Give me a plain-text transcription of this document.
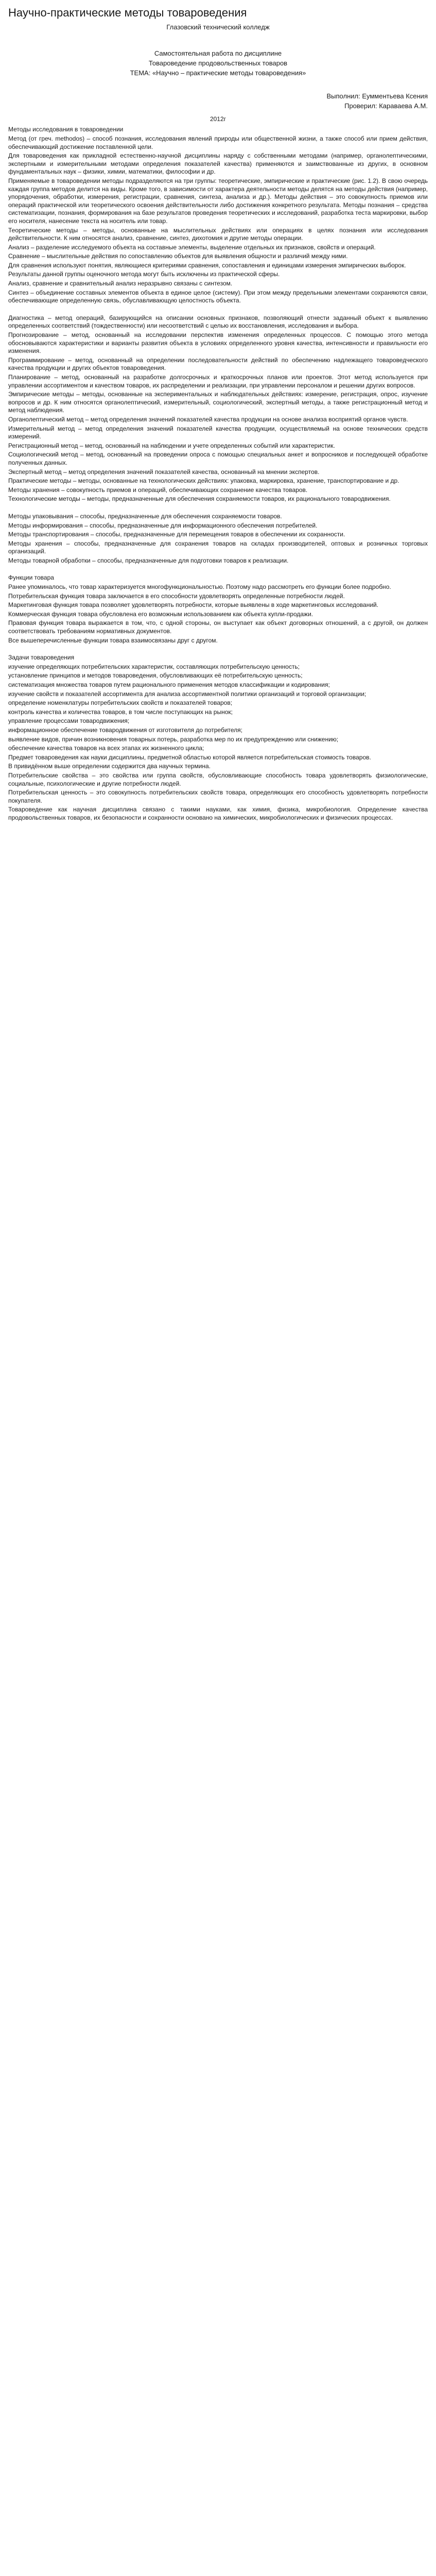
Научно-практические методы товароведения

Глазовский технический колледж

Самостоятельная работа по дисциплине

Товароведение продовольственных товаров

ТЕМА: «Научно – практические методы товароведения»

Выполнил: Еумментьева Ксения

Проверил: Караваева А.М.

2012г

Методы исследования в товароведении

Метод (от греч. methodos) – способ познания, исследования явлений природы или общественной жизни, а также способ или прием действия, обеспечивающий достижение поставленной цели.

Для товароведения как прикладной естественно-научной дисциплины наряду с собственными методами (например, органолептическими, экспертными и измерительными методами определения показателей качества) применяются и заимствованные из других, в основном фундаментальных наук – физики, химии, математики, философии и др.

Применяемые в товароведении методы подразделяются на три группы: теоретические, эмпирические и практические (рис. 1.2). В свою очередь каждая группа методов делится на виды. Кроме того, в зависимости от характера деятельности методы делятся на методы действия (например, упорядочения, обработки, измерения, регистрации, сравнения, синтеза, анализа и др.). Методы действия – это совокупность приемов или операций практической или теоретического освоения действительности либо достижения конкретного результата. Методы познания – средства систематизации, познания, формирования на базе результатов проведения теоретических и исследований, разработка теста маркировки, выбор его носителя, нанесение текста на носитель или товар.

Теоретические методы – методы, основанные на мыслительных действиях или операциях в целях познания или исследования действительности. К ним относятся анализ, сравнение, синтез, дихотомия и другие методы операции.

Анализ – разделение исследуемого объекта на составные элементы, выделение отдельных их признаков, свойств и операций.

Сравнение – мыслительные действия по сопоставлению объектов для выявления общности и различий между ними.

Для сравнения используют понятия, являющиеся критериями сравнения, сопоставления и единицами измерения эмпирических выборок.

Результаты данной группы оценочного метода могут быть исключены из практической сферы.

Анализ, сравнение и сравнительный анализ неразрывно связаны с синтезом.

Синтез – объединение составных элементов объекта в единое целое (систему). При этом между предельными элементами сохраняются связи, обеспечивающие определенную связь, обуславливающую целостность объекта.

Диагностика – метод операций, базирующийся на описании основных признаков, позволяющий отнести заданный объект к выявлению определенных соответствий (тождественности) или несоответствий с целью их восстановления, исследования и выбора.

Прогнозирование – метод, основанный на исследовании перспектив изменения определенных процессов. С помощью этого метода обосновываются характеристики и варианты развития объекта в условиях определенного уровня качества, интенсивности и правильности его изменения.

Программирование – метод, основанный на определении последовательности действий по обеспечению надлежащего товароведческого качества продукции и других объектов товароведения.

Планирование – метод, основанный на разработке долгосрочных и краткосрочных планов или проектов. Этот метод используется при управлении ассортиментом и качеством товаров, их распределении и реализации, при управлении персоналом и решении других вопросов.

Эмпирические методы – методы, основанные на экспериментальных и наблюдательных действиях: измерение, регистрация, опрос, изучение вопросов и др. К ним относятся органолептический, измерительный, социологический, экспертный методы, а также регистрационный метод и метод наблюдения.

Органолептический метод – метод определения значений показателей качества продукции на основе анализа восприятий органов чувств.

Измерительный метод – метод определения значений показателей качества продукции, осуществляемый на основе технических средств измерений.

Регистрационный метод – метод, основанный на наблюдении и учете определенных событий или характеристик.

Социологический метод – метод, основанный на проведении опроса с помощью специальных анкет и вопросников и последующей обработке полученных данных.

Экспертный метод – метод определения значений показателей качества, основанный на мнении экспертов.

Практические методы – методы, основанные на технологических действиях: упаковка, маркировка, хранение, транспортирование и др.

Методы хранения – совокупность приемов и операций, обеспечивающих сохранение качества товаров.

Технологические методы – методы, предназначенные для обеспечения сохраняемости товаров, их рационального товародвижения.

Методы упаковывания – способы, предназначенные для обеспечения сохраняемости товаров.

Методы информирования – способы, предназначенные для информационного обеспечения потребителей.

Методы транспортирования – способы, предназначенные для перемещения товаров в обеспечении их сохранности.

Методы хранения – способы, предназначенные для сохранения товаров на складах производителей, оптовых и розничных торговых организаций.

Методы товарной обработки – способы, предназначенные для подготовки товаров к реализации.

Функции товара

Ранее упоминалось, что товар характеризуется многофункциональностью. Поэтому надо рассмотреть его функции более подробно.

Потребительская функция товара заключается в его способности удовлетворять определенные потребности людей.

Маркетинговая функция товара позволяет удовлетворять потребности, которые выявлены в ходе маркетинговых исследований.

Коммерческая функция товара обусловлена его возможным использованием как объекта купли-продажи.

Правовая функция товара выражается в том, что, с одной стороны, он выступает как объект договорных отношений, а с другой, он должен соответствовать требованиям нормативных документов.

Все вышеперечисленные функции товара взаимосвязаны друг с другом.

Задачи товароведения

изучение определяющих потребительских характеристик, составляющих потребительскую ценность;

установление принципов и методов товароведения, обусловливающих её потребительскую ценность;

систематизация множества товаров путем рационального применения методов классификации и кодирования;

изучение свойств и показателей ассортимента для анализа ассортиментной политики организаций и торговой организации;

определение номенклатуры потребительских свойств и показателей товаров;

контроль качества и количества товаров, в том числе поступающих на рынок;

управление процессами товародвижения;

информационное обеспечение товародвижения от изготовителя до потребителя;

выявление видов, причин возникновения товарных потерь, разработка мер по их предупреждению или снижению;

обеспечение качества товаров на всех этапах их жизненного цикла;

Предмет товароведения как науки дисциплины, предметной областью которой является потребительская стоимость товаров.

В привидённом выше определении содержится два научных термина.

Потребительские свойства – это свойства или группа свойств, обусловливающие способность товара удовлетворять физиологические, социальные, психологические и другие потребности людей.

Потребительская ценность – это совокупность потребительских свойств товара, определяющих его способность удовлетворять потребности покупателя.

Товароведение как научная дисциплина связано с такими науками, как химия, физика, микробиология. Определение качества продовольственных товаров, их безопасности и сохранности основано на химических, микробиологических и физических процессах.
